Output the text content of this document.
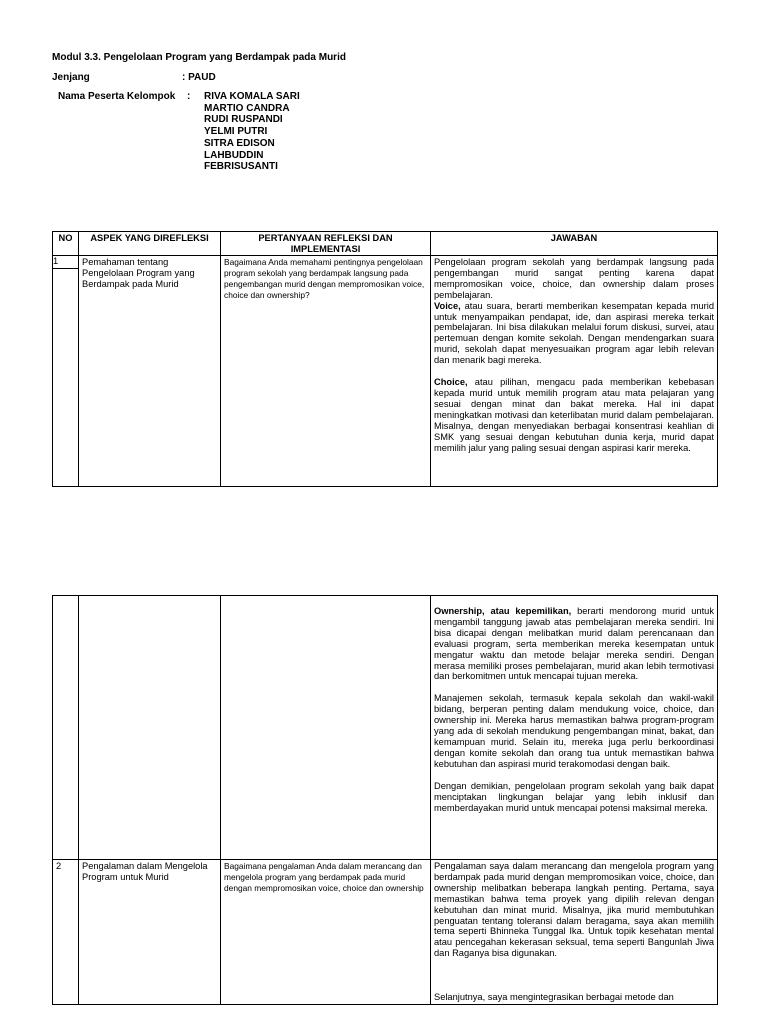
Modul 3.3. Pengelolaan Program yang Berdampak pada Murid
Jenjang	: PAUD
Nama Peserta Kelompok : RIVA KOMALA SARI
MARTIO CANDRA
RUDI RUSPANDI
YELMI PUTRI
SITRA EDISON
LAHBUDDIN
FEBRISUSANTI
NO	ASPEK YANG DIREFLEKSI	PERTANYAAN REFLEKSI DAN IMPLEMENTASI	JAWABAN
1	Pemahaman tentang Pengelolaan Program yang Berdampak pada Murid	Bagaimana Anda memahami pentingnya pengelolaan program sekolah yang berdampak langsung pada pengembangan murid dengan mempromosikan voice, choice dan ownership?	Pengelolaan program sekolah yang berdampak langsung pada pengembangan murid sangat penting karena dapat mempromosikan voice, choice, dan ownership dalam proses pembelajaran.

Voice, atau suara, berarti memberikan kesempatan kepada murid untuk menyampaikan pendapat, ide, dan aspirasi mereka terkait pembelajaran. Ini bisa dilakukan melalui forum diskusi, survei, atau pertemuan dengan komite sekolah. Dengan mendengarkan suara murid, sekolah dapat menyesuaikan program agar lebih relevan dan menarik bagi mereka.

Choice, atau pilihan, mengacu pada memberikan kebebasan kepada murid untuk memilih program atau mata pelajaran yang sesuai dengan minat dan bakat mereka. Hal ini dapat meningkatkan motivasi dan keterlibatan murid dalam pembelajaran. Misalnya, dengan menyediakan berbagai konsentrasi keahlian di SMK yang sesuai dengan kebutuhan dunia kerja, murid dapat memilih jalur yang paling sesuai dengan aspirasi karir mereka.

			Ownership, atau kepemilikan, berarti mendorong murid untuk mengambil tanggung jawab atas pembelajaran mereka sendiri. Ini bisa dicapai dengan melibatkan murid dalam perencanaan dan evaluasi program, serta memberikan mereka kesempatan untuk mengatur waktu dan metode belajar mereka sendiri. Dengan merasa memiliki proses pembelajaran, murid akan lebih termotivasi dan berkomitmen untuk mencapai tujuan mereka.

Manajemen sekolah, termasuk kepala sekolah dan wakil-wakil bidang, berperan penting dalam mendukung voice, choice, dan ownership ini. Mereka harus memastikan bahwa program-program yang ada di sekolah mendukung pengembangan minat, bakat, dan kemampuan murid. Selain itu, mereka juga perlu berkoordinasi dengan komite sekolah dan orang tua untuk memastikan bahwa kebutuhan dan aspirasi murid terakomodasi dengan baik.

Dengan demikian, pengelolaan program sekolah yang baik dapat menciptakan lingkungan belajar yang lebih inklusif dan memberdayakan murid untuk mencapai potensi maksimal mereka.

2	Pengalaman dalam Mengelola Program untuk Murid	Bagaimana pengalaman Anda dalam merancang dan mengelola program yang berdampak pada murid dengan mempromosikan voice, choice dan ownership	Pengalaman saya dalam merancang dan mengelola program yang berdampak pada murid dengan mempromosikan voice, choice, dan ownership melibatkan beberapa langkah penting. Pertama, saya memastikan bahwa tema proyek yang dipilih relevan dengan kebutuhan dan minat murid. Misalnya, jika murid membutuhkan penguatan tentang toleransi dalam beragama, saya akan memilih tema seperti Bhinneka Tunggal Ika. Untuk topik kesehatan mental atau pencegahan kekerasan seksual, tema seperti Bangunlah Jiwa dan Raganya bisa digunakan.

Selanjutnya, saya mengintegrasikan berbagai metode dan
